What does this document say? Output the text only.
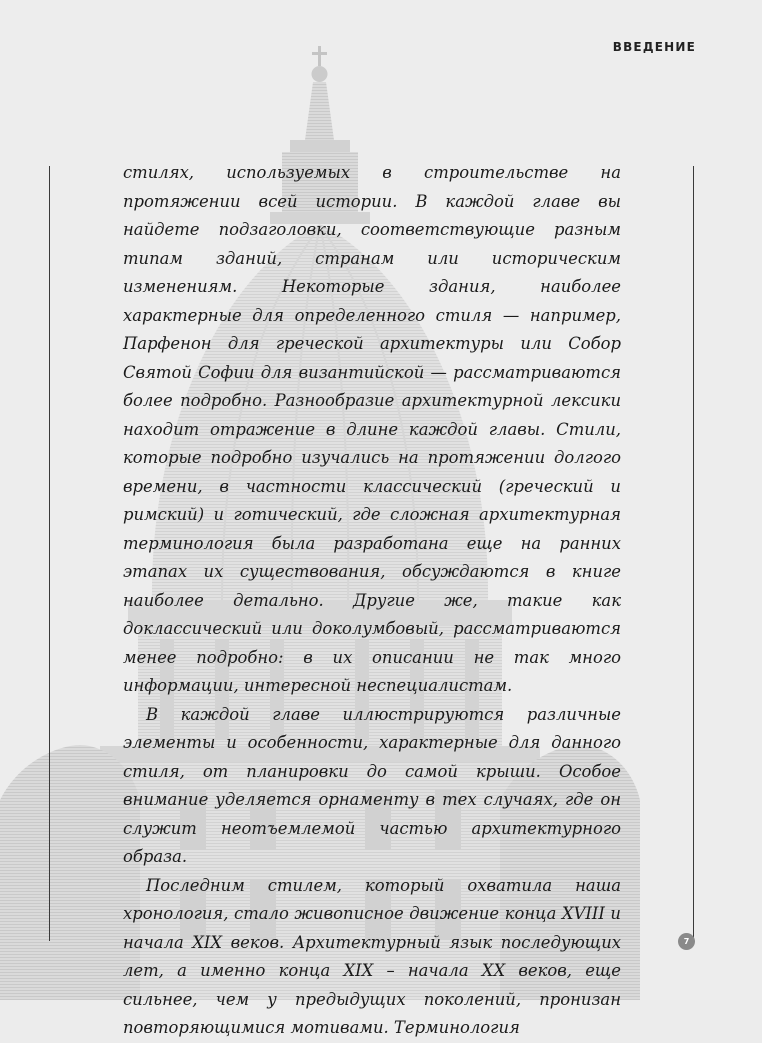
ВВЕДЕНИЕ

стилях, используемых в строительстве на протяжении всей истории. В каждой главе вы найдете подзаголовки, соответствующие разным типам зданий, странам или историческим изменениям. Некоторые здания, наиболее характерные для определенного стиля — например, Парфенон для греческой архитектуры или Собор Святой Софии для византийской — рассматриваются более подробно. Разнообразие архитектурной лексики находит отражение в длине каждой главы. Стили, которые подробно изучались на протяжении долгого времени, в частности классический (греческий и римский) и готический, где сложная архитектурная терминология была разработана еще на ранних этапах их существования, обсуждаются в книге наиболее детально. Другие же, такие как доклассический или доколумбовый, рассматриваются менее подробно: в их описании не так много информации, интересной неспециалистам.

В каждой главе иллюстрируются различные элементы и особенности, характерные для данного стиля, от планировки до самой крыши. Особое внимание уделяется орнаменту в тех случаях, где он служит неотъемлемой частью архитектурного образа.

Последним стилем, который охватила наша хронология, стало живописное движение конца XVIII и начала XIX веков. Архитектурный язык последующих лет, а именно конца XIX – начала XX веков, еще сильнее, чем у предыдущих поколений, пронизан повторяющимися мотивами. Терминология

7
